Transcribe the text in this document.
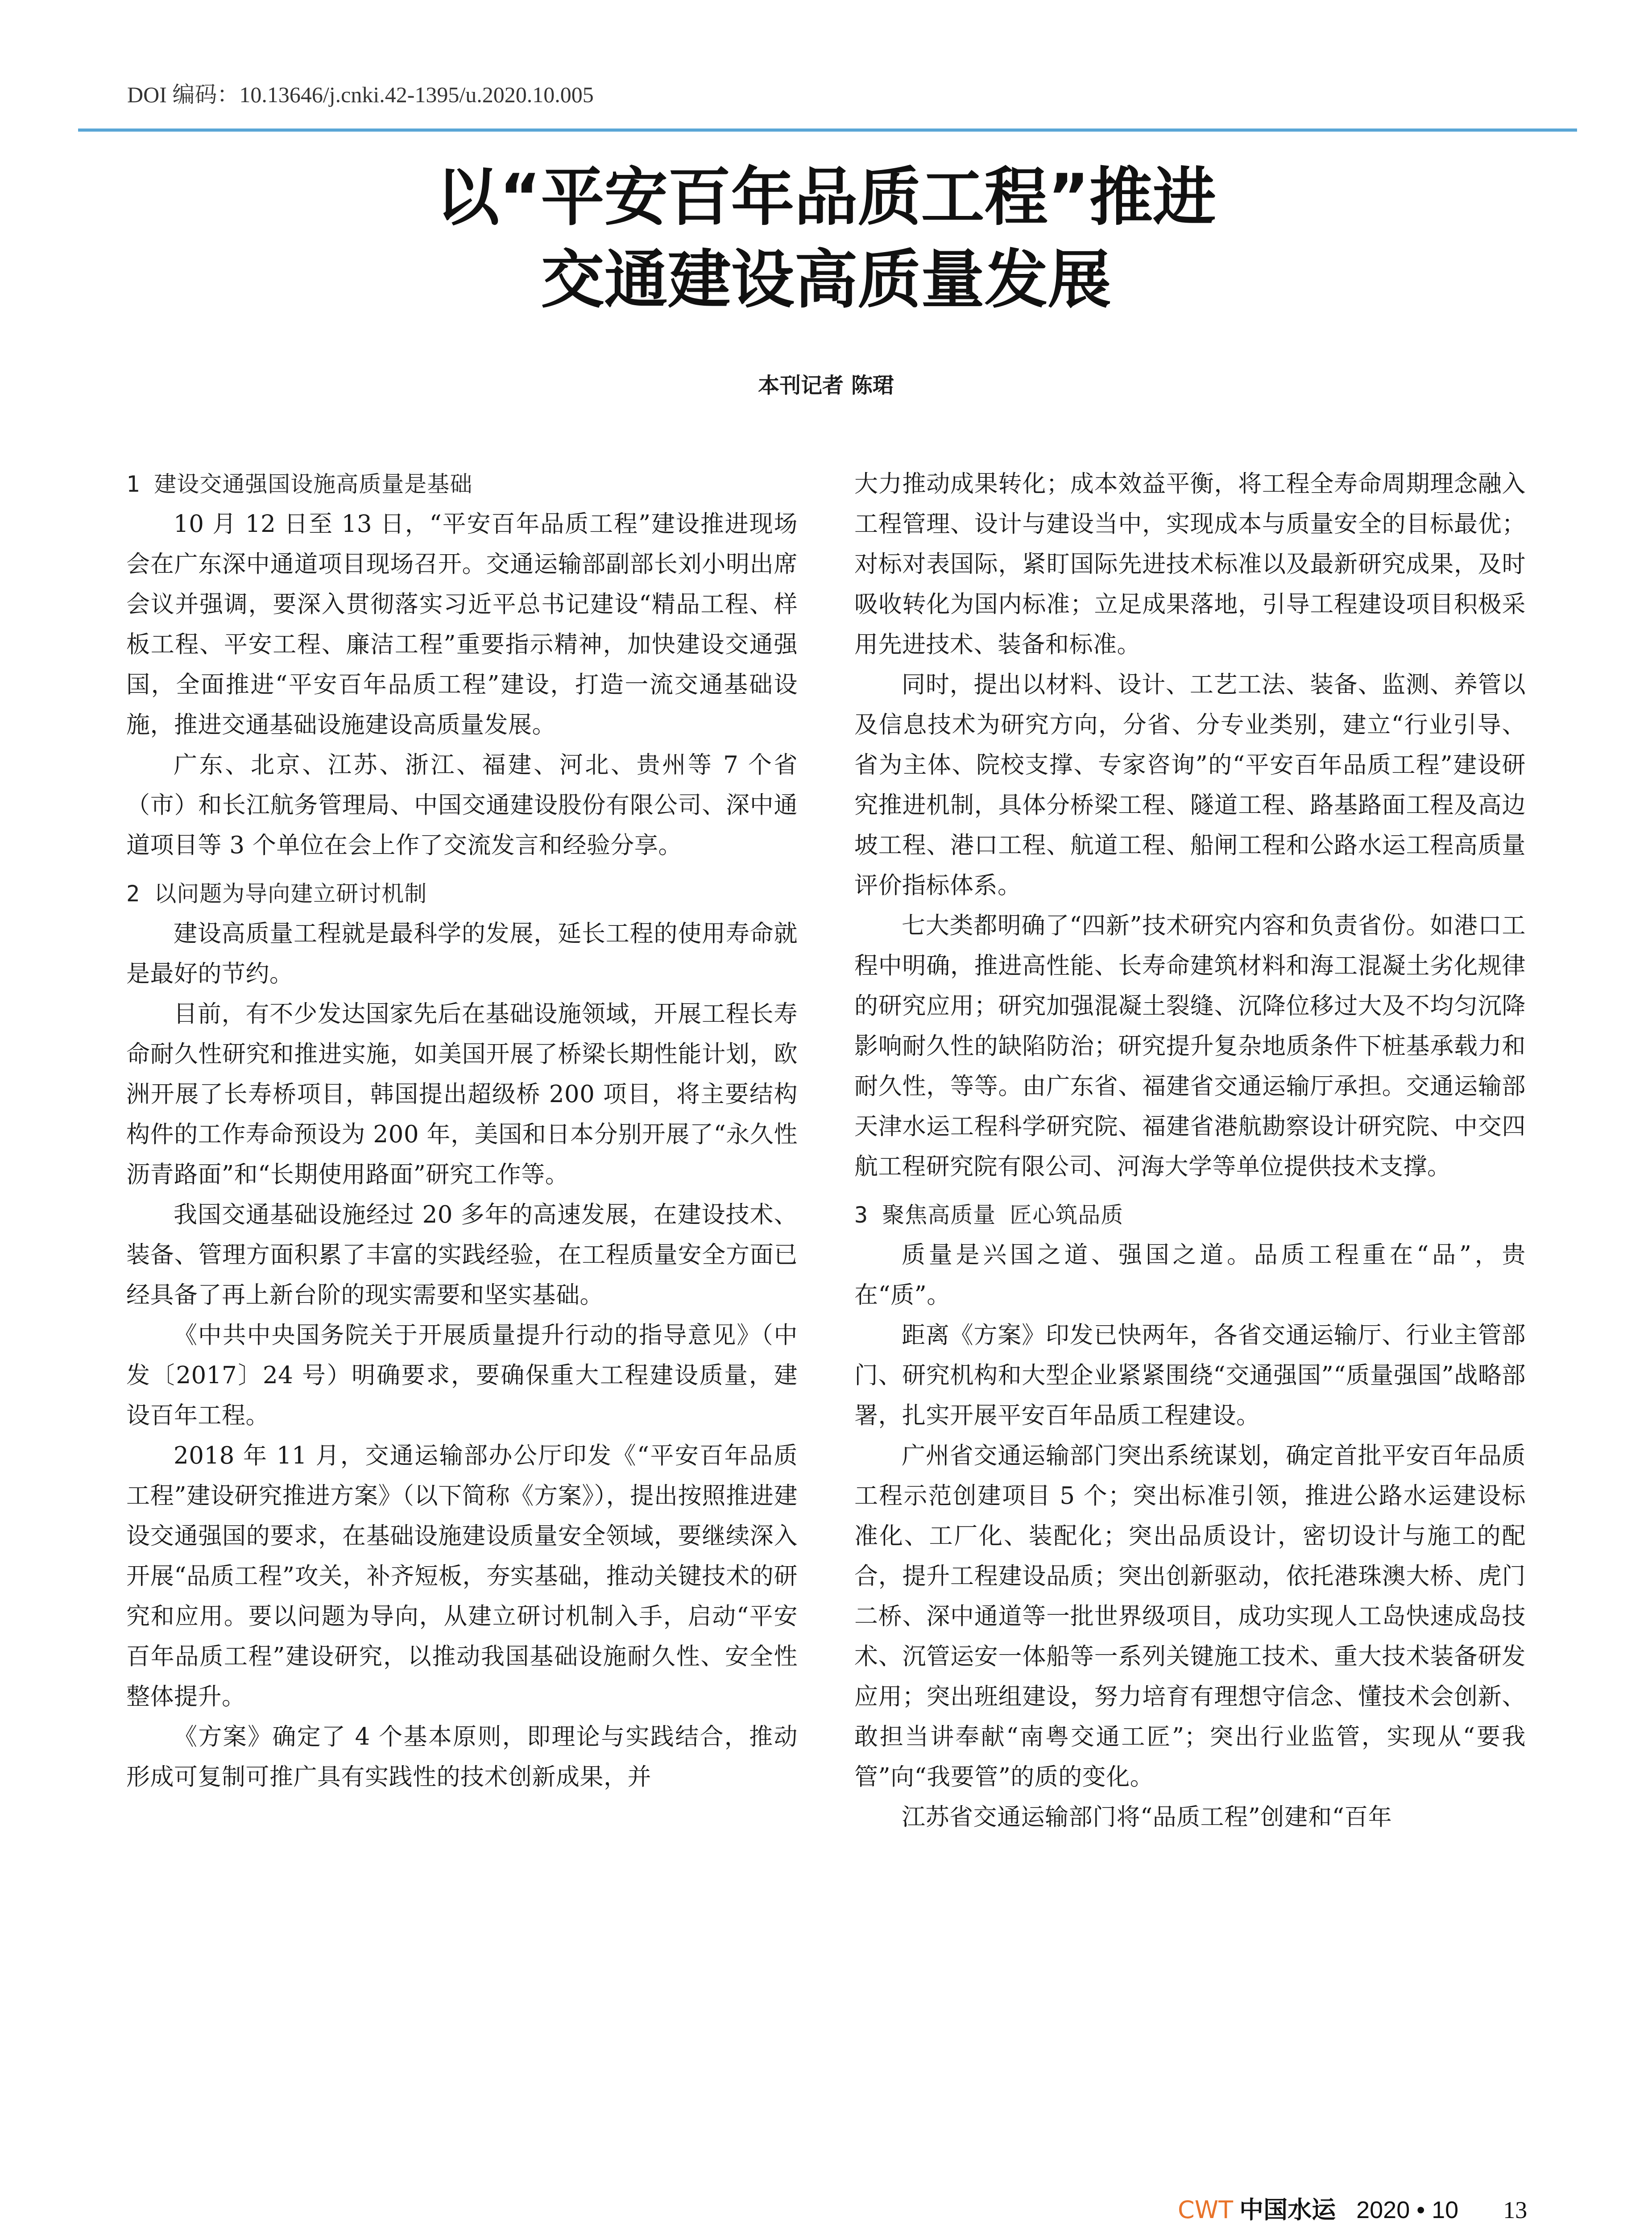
DOI 编码：10.13646/j.cnki.42-1395/u.2020.10.005
以“平安百年品质工程”推进
交通建设高质量发展
本刊记者 陈珺
1 建设交通强国设施高质量是基础

10 月 12 日至 13 日，“平安百年品质工程”建设推进现场会在广东深中通道项目现场召开。交通运输部副部长刘小明出席会议并强调，要深入贯彻落实习近平总书记建设“精品工程、样板工程、平安工程、廉洁工程”重要指示精神，加快建设交通强国，全面推进“平安百年品质工程”建设，打造一流交通基础设施，推进交通基础设施建设高质量发展。

广东、北京、江苏、浙江、福建、河北、贵州等 7 个省（市）和长江航务管理局、中国交通建设股份有限公司、深中通道项目等 3 个单位在会上作了交流发言和经验分享。

2 以问题为导向建立研讨机制

建设高质量工程就是最科学的发展，延长工程的使用寿命就是最好的节约。

目前，有不少发达国家先后在基础设施领域，开展工程长寿命耐久性研究和推进实施，如美国开展了桥梁长期性能计划，欧洲开展了长寿桥项目，韩国提出超级桥 200 项目，将主要结构构件的工作寿命预设为 200 年，美国和日本分别开展了“永久性沥青路面”和“长期使用路面”研究工作等。

我国交通基础设施经过 20 多年的高速发展，在建设技术、装备、管理方面积累了丰富的实践经验，在工程质量安全方面已经具备了再上新台阶的现实需要和坚实基础。

《中共中央国务院关于开展质量提升行动的指导意见》（中发〔2017〕24 号）明确要求，要确保重大工程建设质量，建设百年工程。

2018 年 11 月，交通运输部办公厅印发《“平安百年品质工程”建设研究推进方案》（以下简称《方案》），提出按照推进建设交通强国的要求，在基础设施建设质量安全领域，要继续深入开展“品质工程”攻关，补齐短板，夯实基础，推动关键技术的研究和应用。要以问题为导向，从建立研讨机制入手，启动“平安百年品质工程”建设研究，以推动我国基础设施耐久性、安全性整体提升。

《方案》确定了 4 个基本原则，即理论与实践结合，推动形成可复制可推广具有实践性的技术创新成果，并

大力推动成果转化；成本效益平衡，将工程全寿命周期理念融入工程管理、设计与建设当中，实现成本与质量安全的目标最优；对标对表国际，紧盯国际先进技术标准以及最新研究成果，及时吸收转化为国内标准；立足成果落地，引导工程建设项目积极采用先进技术、装备和标准。

同时，提出以材料、设计、工艺工法、装备、监测、养管以及信息技术为研究方向，分省、分专业类别，建立“行业引导、省为主体、院校支撑、专家咨询”的“平安百年品质工程”建设研究推进机制，具体分桥梁工程、隧道工程、路基路面工程及高边坡工程、港口工程、航道工程、船闸工程和公路水运工程高质量评价指标体系。

七大类都明确了“四新”技术研究内容和负责省份。如港口工程中明确，推进高性能、长寿命建筑材料和海工混凝土劣化规律的研究应用；研究加强混凝土裂缝、沉降位移过大及不均匀沉降影响耐久性的缺陷防治；研究提升复杂地质条件下桩基承载力和耐久性，等等。由广东省、福建省交通运输厅承担。交通运输部天津水运工程科学研究院、福建省港航勘察设计研究院、中交四航工程研究院有限公司、河海大学等单位提供技术支撑。

3 聚焦高质量 匠心筑品质

质量是兴国之道、强国之道。品质工程重在“品”，贵在“质”。

距离《方案》印发已快两年，各省交通运输厅、行业主管部门、研究机构和大型企业紧紧围绕“交通强国”“质量强国”战略部署，扎实开展平安百年品质工程建设。

广州省交通运输部门突出系统谋划，确定首批平安百年品质工程示范创建项目 5 个；突出标准引领，推进公路水运建设标准化、工厂化、装配化；突出品质设计，密切设计与施工的配合，提升工程建设品质；突出创新驱动，依托港珠澳大桥、虎门二桥、深中通道等一批世界级项目，成功实现人工岛快速成岛技术、沉管运安一体船等一系列关键施工技术、重大技术装备研发应用；突出班组建设，努力培育有理想守信念、懂技术会创新、敢担当讲奉献“南粤交通工匠”；突出行业监管，实现从“要我管”向“我要管”的质的变化。

江苏省交通运输部门将“品质工程”创建和“百年

CWT 中国水运 2020 • 10 13
